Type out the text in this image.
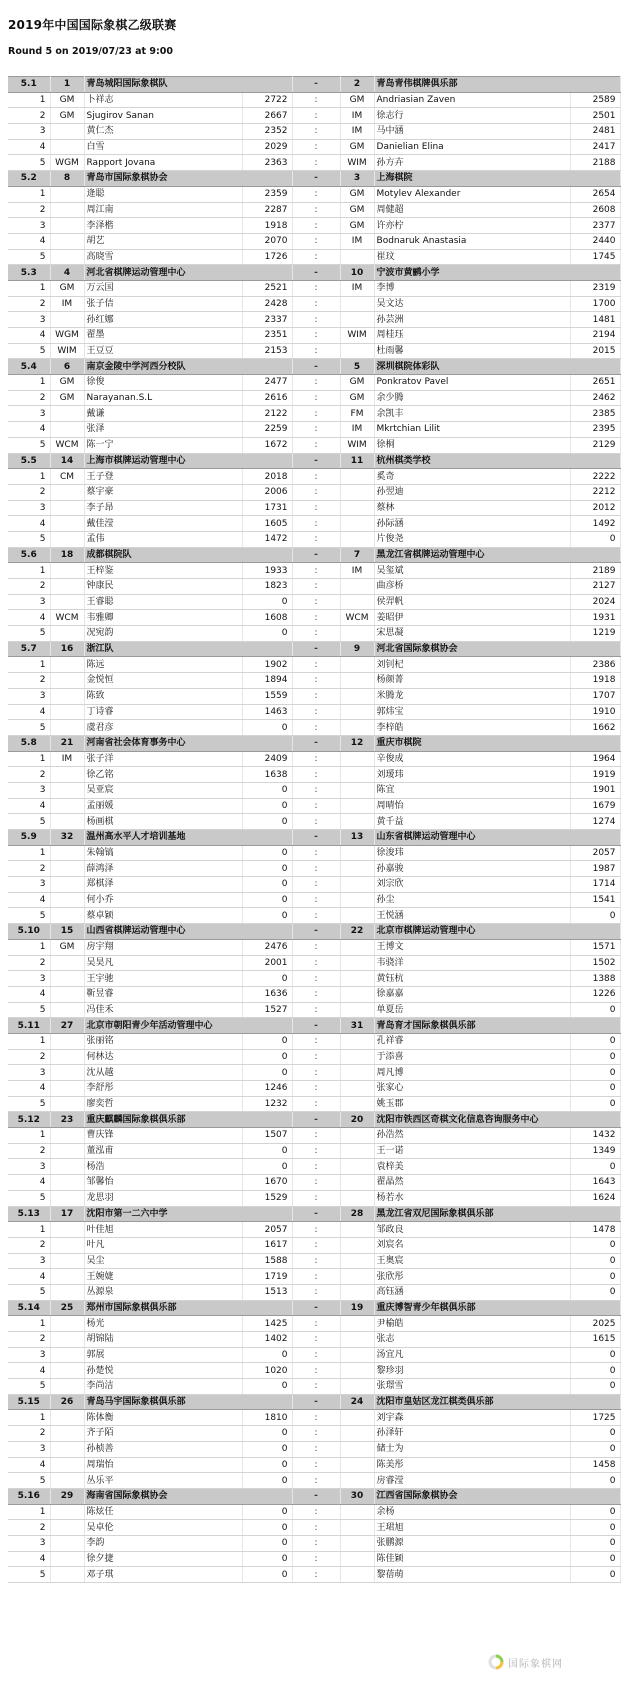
2019年中国国际象棋乙级联赛
Round 5 on 2019/07/23 at 9:00
5.1	1	青岛城阳国际象棋队		-	2	青岛青伟棋牌俱乐部	
1	GM	卜祥志	2722	:	GM	Andriasian Zaven	2589
2	GM	Sjugirov Sanan	2667	:	IM	徐志行	2501
3		黄仁杰	2352	:	IM	马中涵	2481
4		白雪	2029	:	GM	Danielian Elina	2417
5	WGM	Rapport Jovana	2363	:	WIM	孙方卉	2188
5.2	8	青岛市国际象棋协会		-	3	上海棋院	
1		逄聪	2359	:	GM	Motylev Alexander	2654
2		周江南	2287	:	GM	周健超	2608
3		李泽楷	1918	:	GM	许亦柠	2377
4		胡艺	2070	:	IM	Bodnaruk Anastasia	2440
5		高晓雪	1726	:		崔玟	1745
5.3	4	河北省棋牌运动管理中心		-	10	宁波市黄鹂小学	
1	GM	万云国	2521	:	IM	李博	2319
2	IM	张子佶	2428	:		吴文达	1700
3		孙红娜	2337	:		孙芸洲	1481
4	WGM	翟墨	2351	:	WIM	周桂珏	2194
5	WIM	王豆豆	2153	:		杜雨馨	2015
5.4	6	南京金陵中学河西分校队		-	5	深圳棋院体彩队	
1	GM	徐俊	2477	:	GM	Ponkratov Pavel	2651
2	GM	Narayanan.S.L	2616	:	GM	余少腾	2462
3		戴谦	2122	:	FM	余凯丰	2385
4		张泽	2259	:	IM	Mkrtchian Lilit	2395
5	WCM	陈一宁	1672	:	WIM	徐桐	2129
5.5	14	上海市棋牌运动管理中心		-	11	杭州棋类学校	
1	CM	王子登	2018	:		奚奇	2222
2		蔡宇豪	2006	:		孙翌迪	2212
3		李子昂	1731	:		蔡林	2012
4		戴佳滢	1605	:		孙际涵	1492
5		孟伟	1472	:		片俊尧	0
5.6	18	成都棋院队		-	7	黑龙江省棋牌运动管理中心	
1		王梓鉴	1933	:	IM	吴玺斌	2189
2		钟康民	1823	:		曲彦桥	2127
3		王睿聪	0	:		侯羿帆	2024
4	WCM	韦雅卿	1608	:	WCM	姜昭伊	1931
5		况宛韵	0	:		宋思凝	1219
5.7	16	浙江队		-	9	河北省国际象棋协会	
1		陈远	1902	:		刘钊杞	2386
2		金悦恒	1894	:		杨颜菁	1918
3		陈致	1559	:		米腾龙	1707
4		丁诗睿	1463	:		郭炜宝	1910
5		虞君彦	0	:		李梓皓	1662
5.8	21	河南省社会体育事务中心		-	12	重庆市棋院	
1	IM	张子洋	2409	:		辛俊成	1964
2		徐乙铭	1638	:		刘瑷玮	1919
3		吴亚宸	0	:		陈宜	1901
4		孟丽媛	0	:		周晴怡	1679
5		杨画棋	0	:		黄千益	1274
5.9	32	温州高水平人才培训基地		-	13	山东省棋牌运动管理中心	
1		朱翰镐	0	:		徐浚玮	2057
2		薛鸿泽	0	:		孙嘉骏	1987
3		郑棋泽	0	:		刘宗欣	1714
4		何小乔	0	:		孙尘	1541
5		蔡卓颖	0	:		王悦涵	0
5.10	15	山西省棋牌运动管理中心		-	22	北京市棋牌运动管理中心	
1	GM	房宇翔	2476	:		王博文	1571
2		吴昊凡	2001	:		韦骁洋	1502
3		王宇驰	0	:		黄钰杭	1388
4		靳昱睿	1636	:		徐嘉嘉	1226
5		冯佳禾	1527	:		单夏岳	0
5.11	27	北京市朝阳青少年活动管理中心		-	31	青岛育才国际象棋俱乐部	
1		张丽铭	0	:		孔祥睿	0
2		何林达	0	:		于添喜	0
3		沈从越	0	:		周凡博	0
4		李舒彤	1246	:		张家心	0
5		廖奕哲	1232	:		姚玉郡	0
5.12	23	重庆麒麟国际象棋俱乐部		-	20	沈阳市铁西区奇棋文化信息咨询服务中心	
1		曹庆锋	1507	:		孙浩然	1432
2		董泓甫	0	:		王一诺	1349
3		杨浩	0	:		袁梓美	0
4		邹馨怡	1670	:		翟晶然	1643
5		龙思羽	1529	:		杨若水	1624
5.13	17	沈阳市第一二六中学		-	28	黑龙江省双尼国际象棋俱乐部	
1		叶佳旭	2057	:		邹政良	1478
2		叶凡	1617	:		刘宸名	0
3		吴尘	1588	:		王奥宸	0
4		王婉婕	1719	:		张欣彤	0
5		丛源泉	1513	:		高钰涵	0
5.14	25	郑州市国际象棋俱乐部		-	19	重庆博智青少年棋俱乐部	
1		杨光	1425	:		尹榆皓	2025
2		胡锦陆	1402	:		张志	1615
3		郭展	0	:		汤宜凡	0
4		孙楚悦	1020	:		黎珍羽	0
5		李尚洁	0	:		张璟雪	0
5.15	26	青岛马宇国际象棋俱乐部		-	24	沈阳市皇姑区龙江棋类俱乐部	
1		陈体衡	1810	:		刘宇森	1725
2		齐子陌	0	:		孙泽轩	0
3		孙桢善	0	:		储士为	0
4		周瑞怡	0	:		陈美彤	1458
5		丛乐平	0	:		房睿滢	0
5.16	29	海南省国际象棋协会		-	30	江西省国际象棋协会	
1		陈炫任	0	:		余杨	0
2		吴卓伦	0	:		王珺旭	0
3		李韵	0	:		张鹏源	0
4		徐夕捷	0	:		陈佳颖	0
5		邓子琪	0	:		黎蓓萌	0
国际象棋网
